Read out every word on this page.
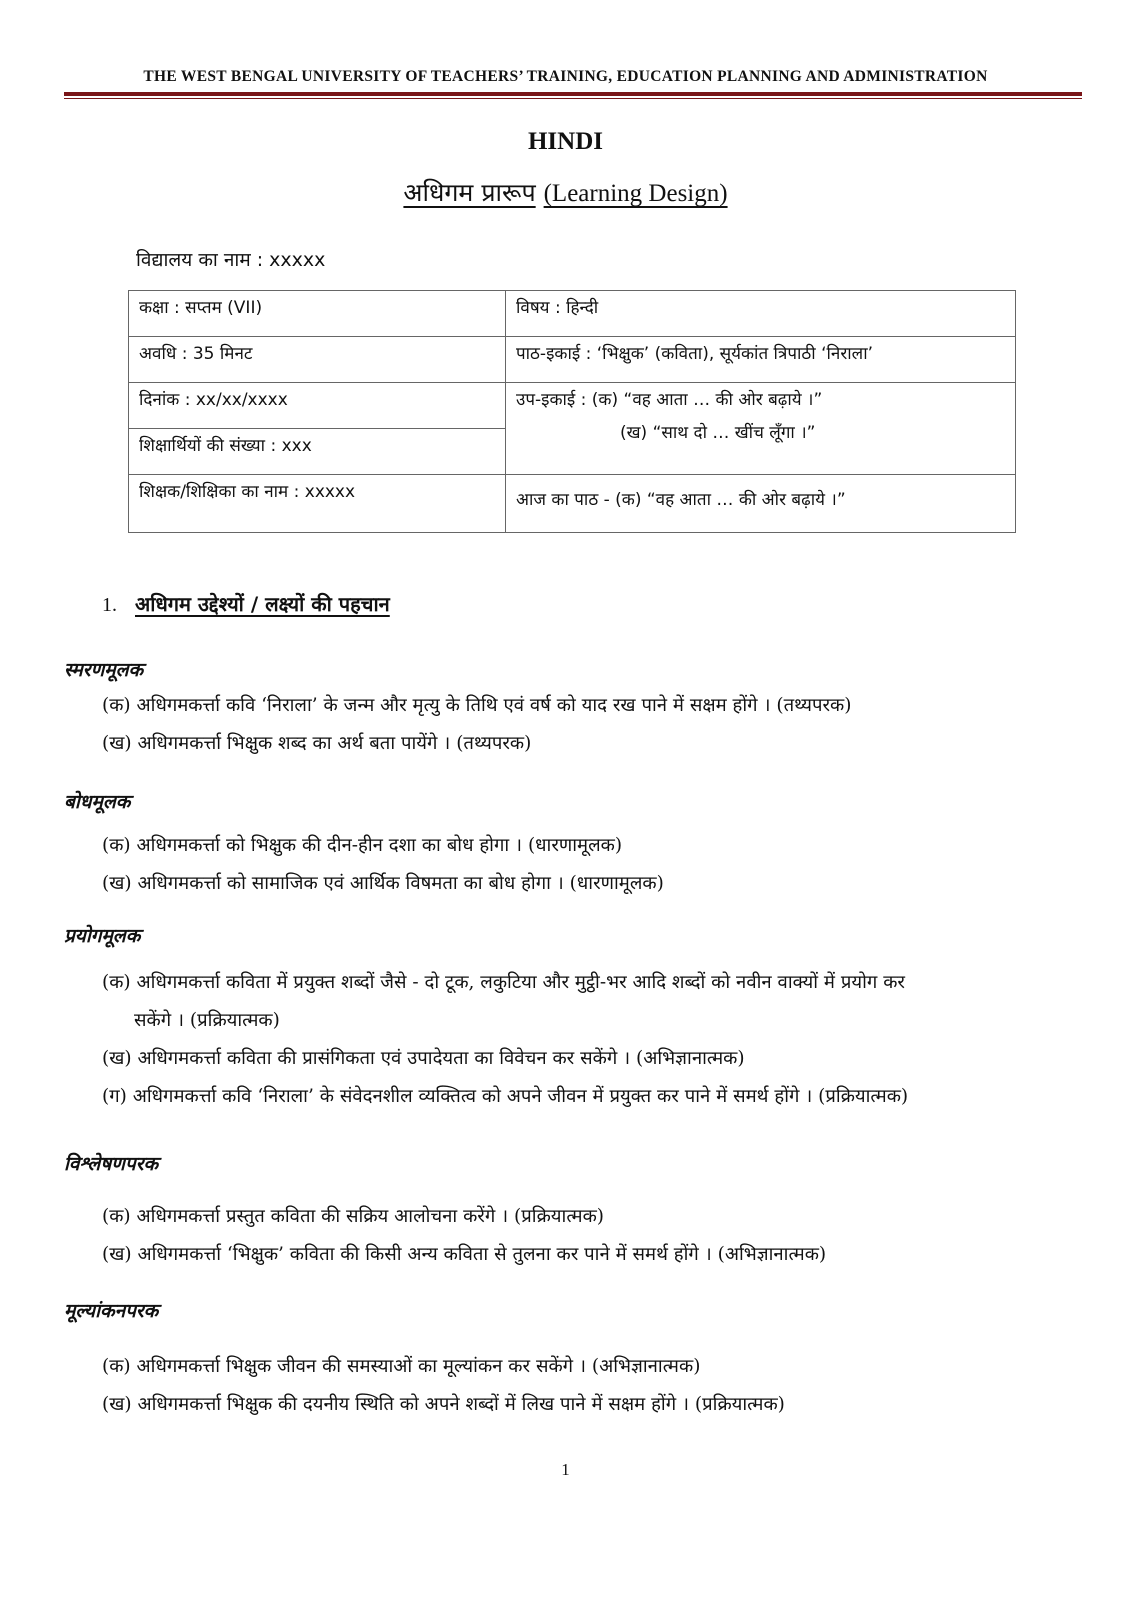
THE WEST BENGAL UNIVERSITY OF TEACHERS’ TRAINING, EDUCATION PLANNING AND ADMINISTRATION
HINDI
अधिगम प्रारूप (Learning Design)
विद्यालय का नाम : xxxxx
कक्षा : सप्तम (VII)	विषय : हिन्दी
अवधि : 35 मिनट	पाठ-इकाई : ‘भिक्षुक’ (कविता), सूर्यकांत त्रिपाठी ‘निराला’
दिनांक : xx/xx/xxxx	उप-इकाई : (क) “वह आता … की ओर बढ़ाये ।”
(ख) “साथ दो … खींच लूँगा ।”

शिक्षार्थियों की संख्या : xxx	
शिक्षक/शिक्षिका का नाम : xxxxx	आज का पाठ - (क) “वह आता … की ओर बढ़ाये ।”
1. अधिगम उद्देश्यों / लक्ष्यों की पहचान
स्मरणमूलक
(क) अधिगमकर्त्ता कवि ‘निराला’ के जन्म और मृत्यु के तिथि एवं वर्ष को याद रख पाने में सक्षम होंगे । (तथ्यपरक)
(ख) अधिगमकर्त्ता भिक्षुक शब्द का अर्थ बता पायेंगे । (तथ्यपरक)
बोधमूलक
(क) अधिगमकर्त्ता को भिक्षुक की दीन-हीन दशा का बोध होगा । (धारणामूलक)
(ख) अधिगमकर्त्ता को सामाजिक एवं आर्थिक विषमता का बोध होगा । (धारणामूलक)
प्रयोगमूलक
(क) अधिगमकर्त्ता कविता में प्रयुक्त शब्दों जैसे - दो टूक, लकुटिया और मुट्ठी-भर आदि शब्दों को नवीन वाक्यों में प्रयोग कर
सकेंगे । (प्रक्रियात्मक)
(ख) अधिगमकर्त्ता कविता की प्रासंगिकता एवं उपादेयता का विवेचन कर सकेंगे । (अभिज्ञानात्मक)
(ग) अधिगमकर्त्ता कवि ‘निराला’ के संवेदनशील व्यक्तित्व को अपने जीवन में प्रयुक्त कर पाने में समर्थ होंगे । (प्रक्रियात्मक)
विश्लेषणपरक
(क) अधिगमकर्त्ता प्रस्तुत कविता की सक्रिय आलोचना करेंगे । (प्रक्रियात्मक)
(ख) अधिगमकर्त्ता ‘भिक्षुक’ कविता की किसी अन्य कविता से तुलना कर पाने में समर्थ होंगे । (अभिज्ञानात्मक)
मूल्यांकनपरक
(क) अधिगमकर्त्ता भिक्षुक जीवन की समस्याओं का मूल्यांकन कर सकेंगे । (अभिज्ञानात्मक)
(ख) अधिगमकर्त्ता भिक्षुक की दयनीय स्थिति को अपने शब्दों में लिख पाने में सक्षम होंगे । (प्रक्रियात्मक)
1
